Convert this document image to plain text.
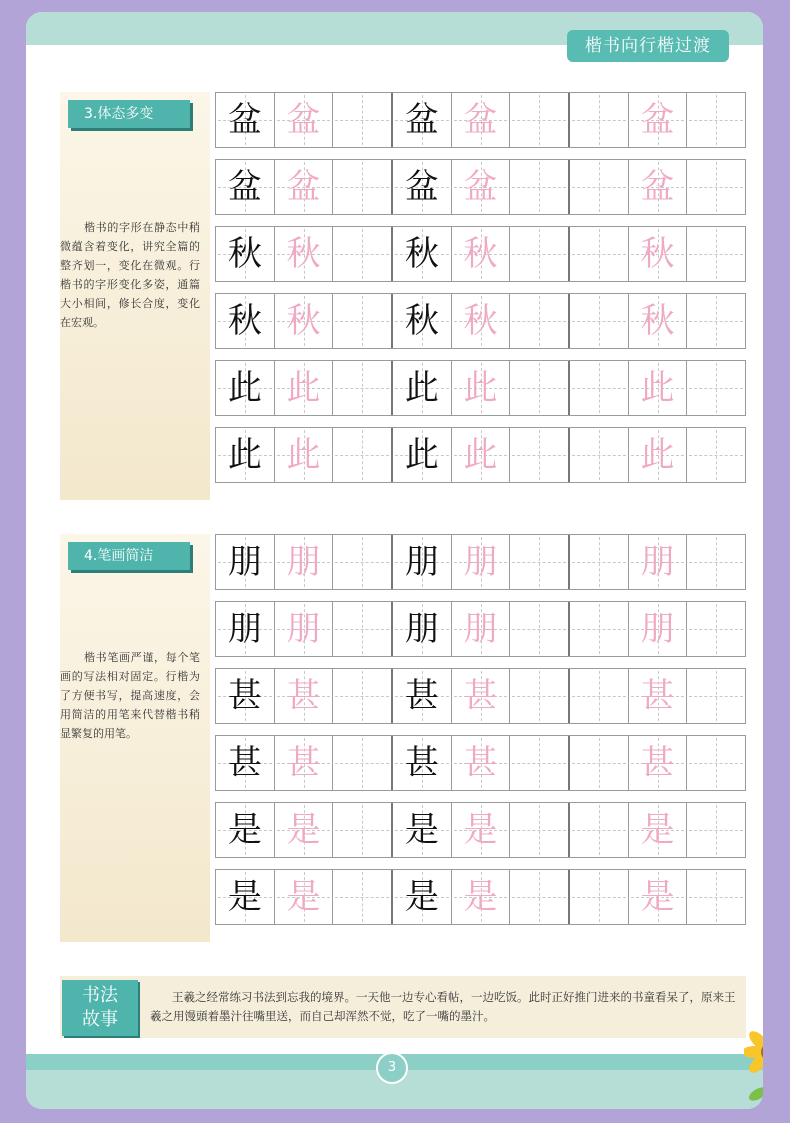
楷书向行楷过渡
3.体态多变
楷书的字形在静态中稍微蕴含着变化，讲究全篇的整齐划一，变化在微观。行楷书的字形变化多姿，通篇大小相间，修长合度，变化在宏观。
4.笔画简洁
楷书笔画严谨，每个笔画的写法相对固定。行楷为了方便书写，提高速度，会用简洁的用笔来代替楷书稍显繁复的用笔。
盆 盆 盆 盆	盆
盆 盆 盆 盆	盆
秋 秋 秋 秋	秋
秋 秋 秋 秋	秋
此 此 此 此	此
此 此 此 此	此
朋 朋 朋 朋	朋
朋 朋 朋 朋	朋
甚 甚 甚 甚	甚
甚 甚 甚 甚	甚
是 是 是 是	是
是 是 是 是	是
书法
故事
王羲之经常练习书法到忘我的境界。一天他一边专心看帖，一边吃饭。此时正好推门进来的书童看呆了，原来王羲之用馒頭着墨汁往嘴里送，而自己却浑然不觉，吃了一嘴的墨汁。
3
